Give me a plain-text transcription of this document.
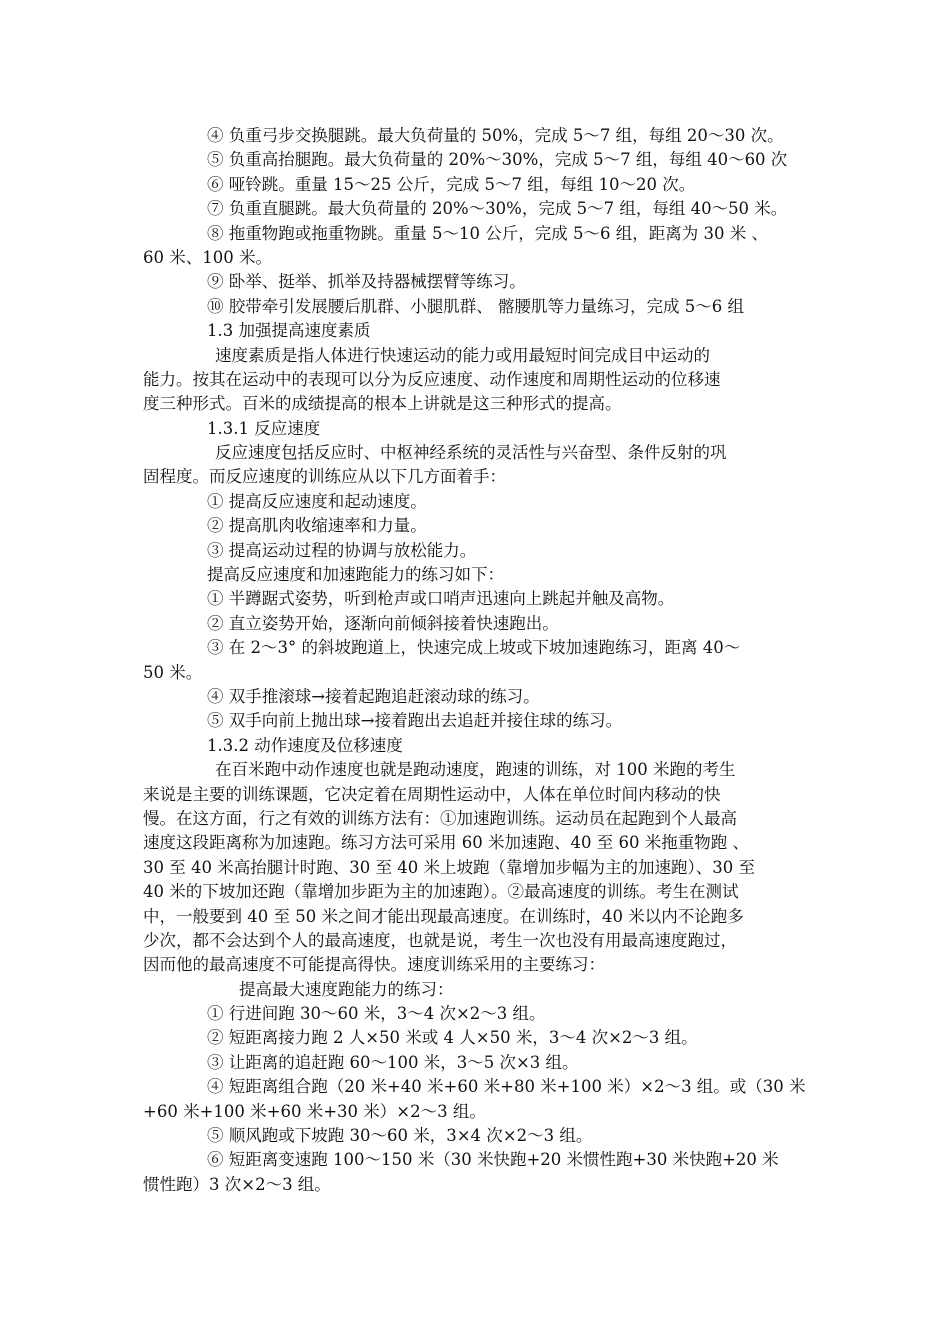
④ 负重弓步交换腿跳。最大负荷量的 50%，完成 5～7 组，每组 20～30 次。
⑤ 负重高抬腿跑。最大负荷量的 20%～30%，完成 5～7 组，每组 40～60 次
⑥ 哑铃跳。重量 15～25 公斤，完成 5～7 组，每组 10～20 次。
⑦ 负重直腿跳。最大负荷量的 20%～30%，完成 5～7 组，每组 40～50 米。
⑧ 拖重物跑或拖重物跳。重量 5～10 公斤，完成 5～6 组，距离为 30 米 、
60 米、100 米。
⑨ 卧举、挺举、抓举及持器械摆臂等练习。
⑩ 胶带牵引发展腰后肌群、小腿肌群、 髂腰肌等力量练习，完成 5～6 组
1.3 加强提高速度素质
速度素质是指人体进行快速运动的能力或用最短时间完成目中运动的
能力。按其在运动中的表现可以分为反应速度、动作速度和周期性运动的位移速
度三种形式。百米的成绩提高的根本上讲就是这三种形式的提高。
1.3.1 反应速度
反应速度包括反应时、中枢神经系统的灵活性与兴奋型、条件反射的巩
固程度。而反应速度的训练应从以下几方面着手：
① 提高反应速度和起动速度。
② 提高肌肉收缩速率和力量。
③ 提高运动过程的协调与放松能力。
提高反应速度和加速跑能力的练习如下：
① 半蹲踞式姿势，听到枪声或口哨声迅速向上跳起并触及高物。
② 直立姿势开始，逐渐向前倾斜接着快速跑出。
③ 在 2～3° 的斜坡跑道上，快速完成上坡或下坡加速跑练习，距离 40～
50 米。
④ 双手推滚球→接着起跑追赶滚动球的练习。
⑤ 双手向前上抛出球→接着跑出去追赶并接住球的练习。
1.3.2 动作速度及位移速度
在百米跑中动作速度也就是跑动速度，跑速的训练，对 100 米跑的考生
来说是主要的训练课题，它决定着在周期性运动中，人体在单位时间内移动的快
慢。在这方面，行之有效的训练方法有：①加速跑训练。运动员在起跑到个人最高
速度这段距离称为加速跑。练习方法可采用 60 米加速跑、40 至 60 米拖重物跑 、
30 至 40 米高抬腿计时跑、30 至 40 米上坡跑（靠增加步幅为主的加速跑）、30 至
40 米的下坡加还跑（靠增加步距为主的加速跑）。②最高速度的训练。考生在测试
中，一般要到 40 至 50 米之间才能出现最高速度。在训练时，40 米以内不论跑多
少次，都不会达到个人的最高速度，也就是说，考生一次也没有用最高速度跑过，
因而他的最高速度不可能提高得快。速度训练采用的主要练习：
提高最大速度跑能力的练习：
① 行进间跑 30～60 米，3～4 次×2～3 组。
② 短距离接力跑 2 人×50 米或 4 人×50 米，3～4 次×2～3 组。
③ 让距离的追赶跑 60～100 米，3～5 次×3 组。
④ 短距离组合跑（20 米+40 米+60 米+80 米+100 米）×2～3 组。或（30 米
+60 米+100 米+60 米+30 米）×2～3 组。
⑤ 顺风跑或下坡跑 30～60 米，3×4 次×2～3 组。
⑥ 短距离变速跑 100～150 米（30 米快跑+20 米惯性跑+30 米快跑+20 米
惯性跑）3 次×2～3 组。
